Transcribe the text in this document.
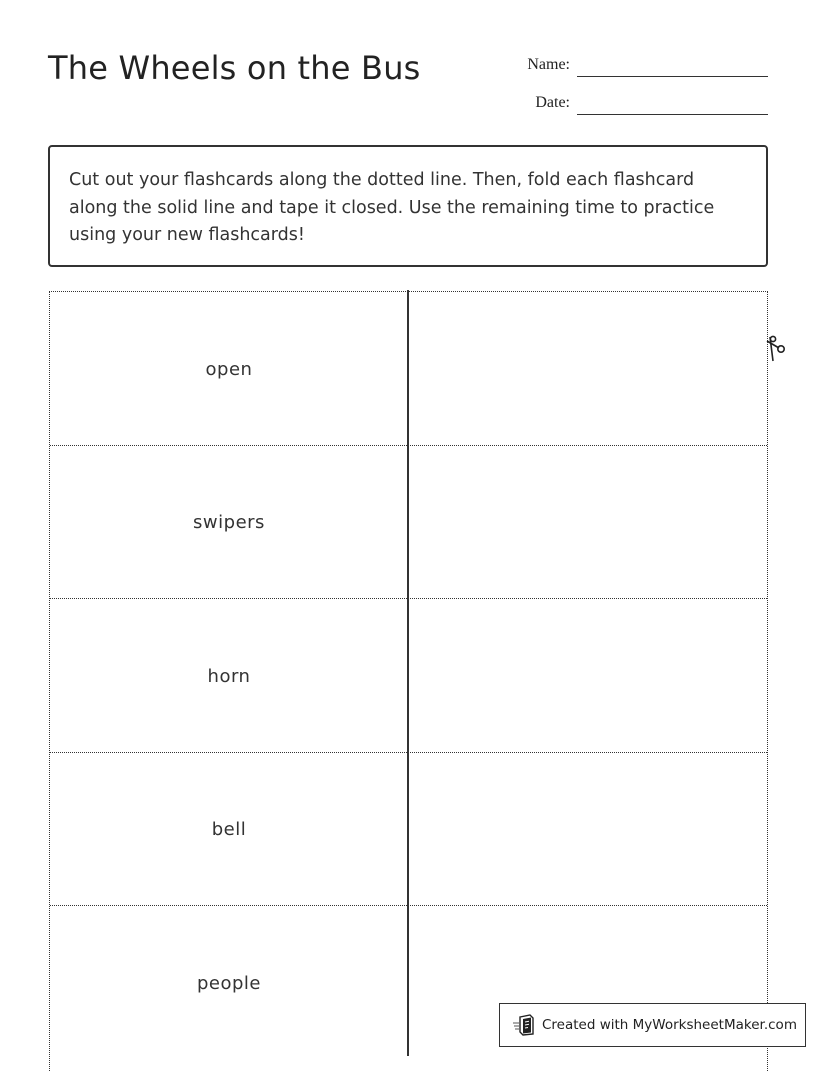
The Wheels on the Bus	Name:
Date:
Cut out your flashcards along the dotted line. Then, fold each flashcard along the solid line and tape it closed. Use the remaining time to practice using your new flashcards!
open
swipers
horn
bell
people
Created with MyWorksheetMaker.com
